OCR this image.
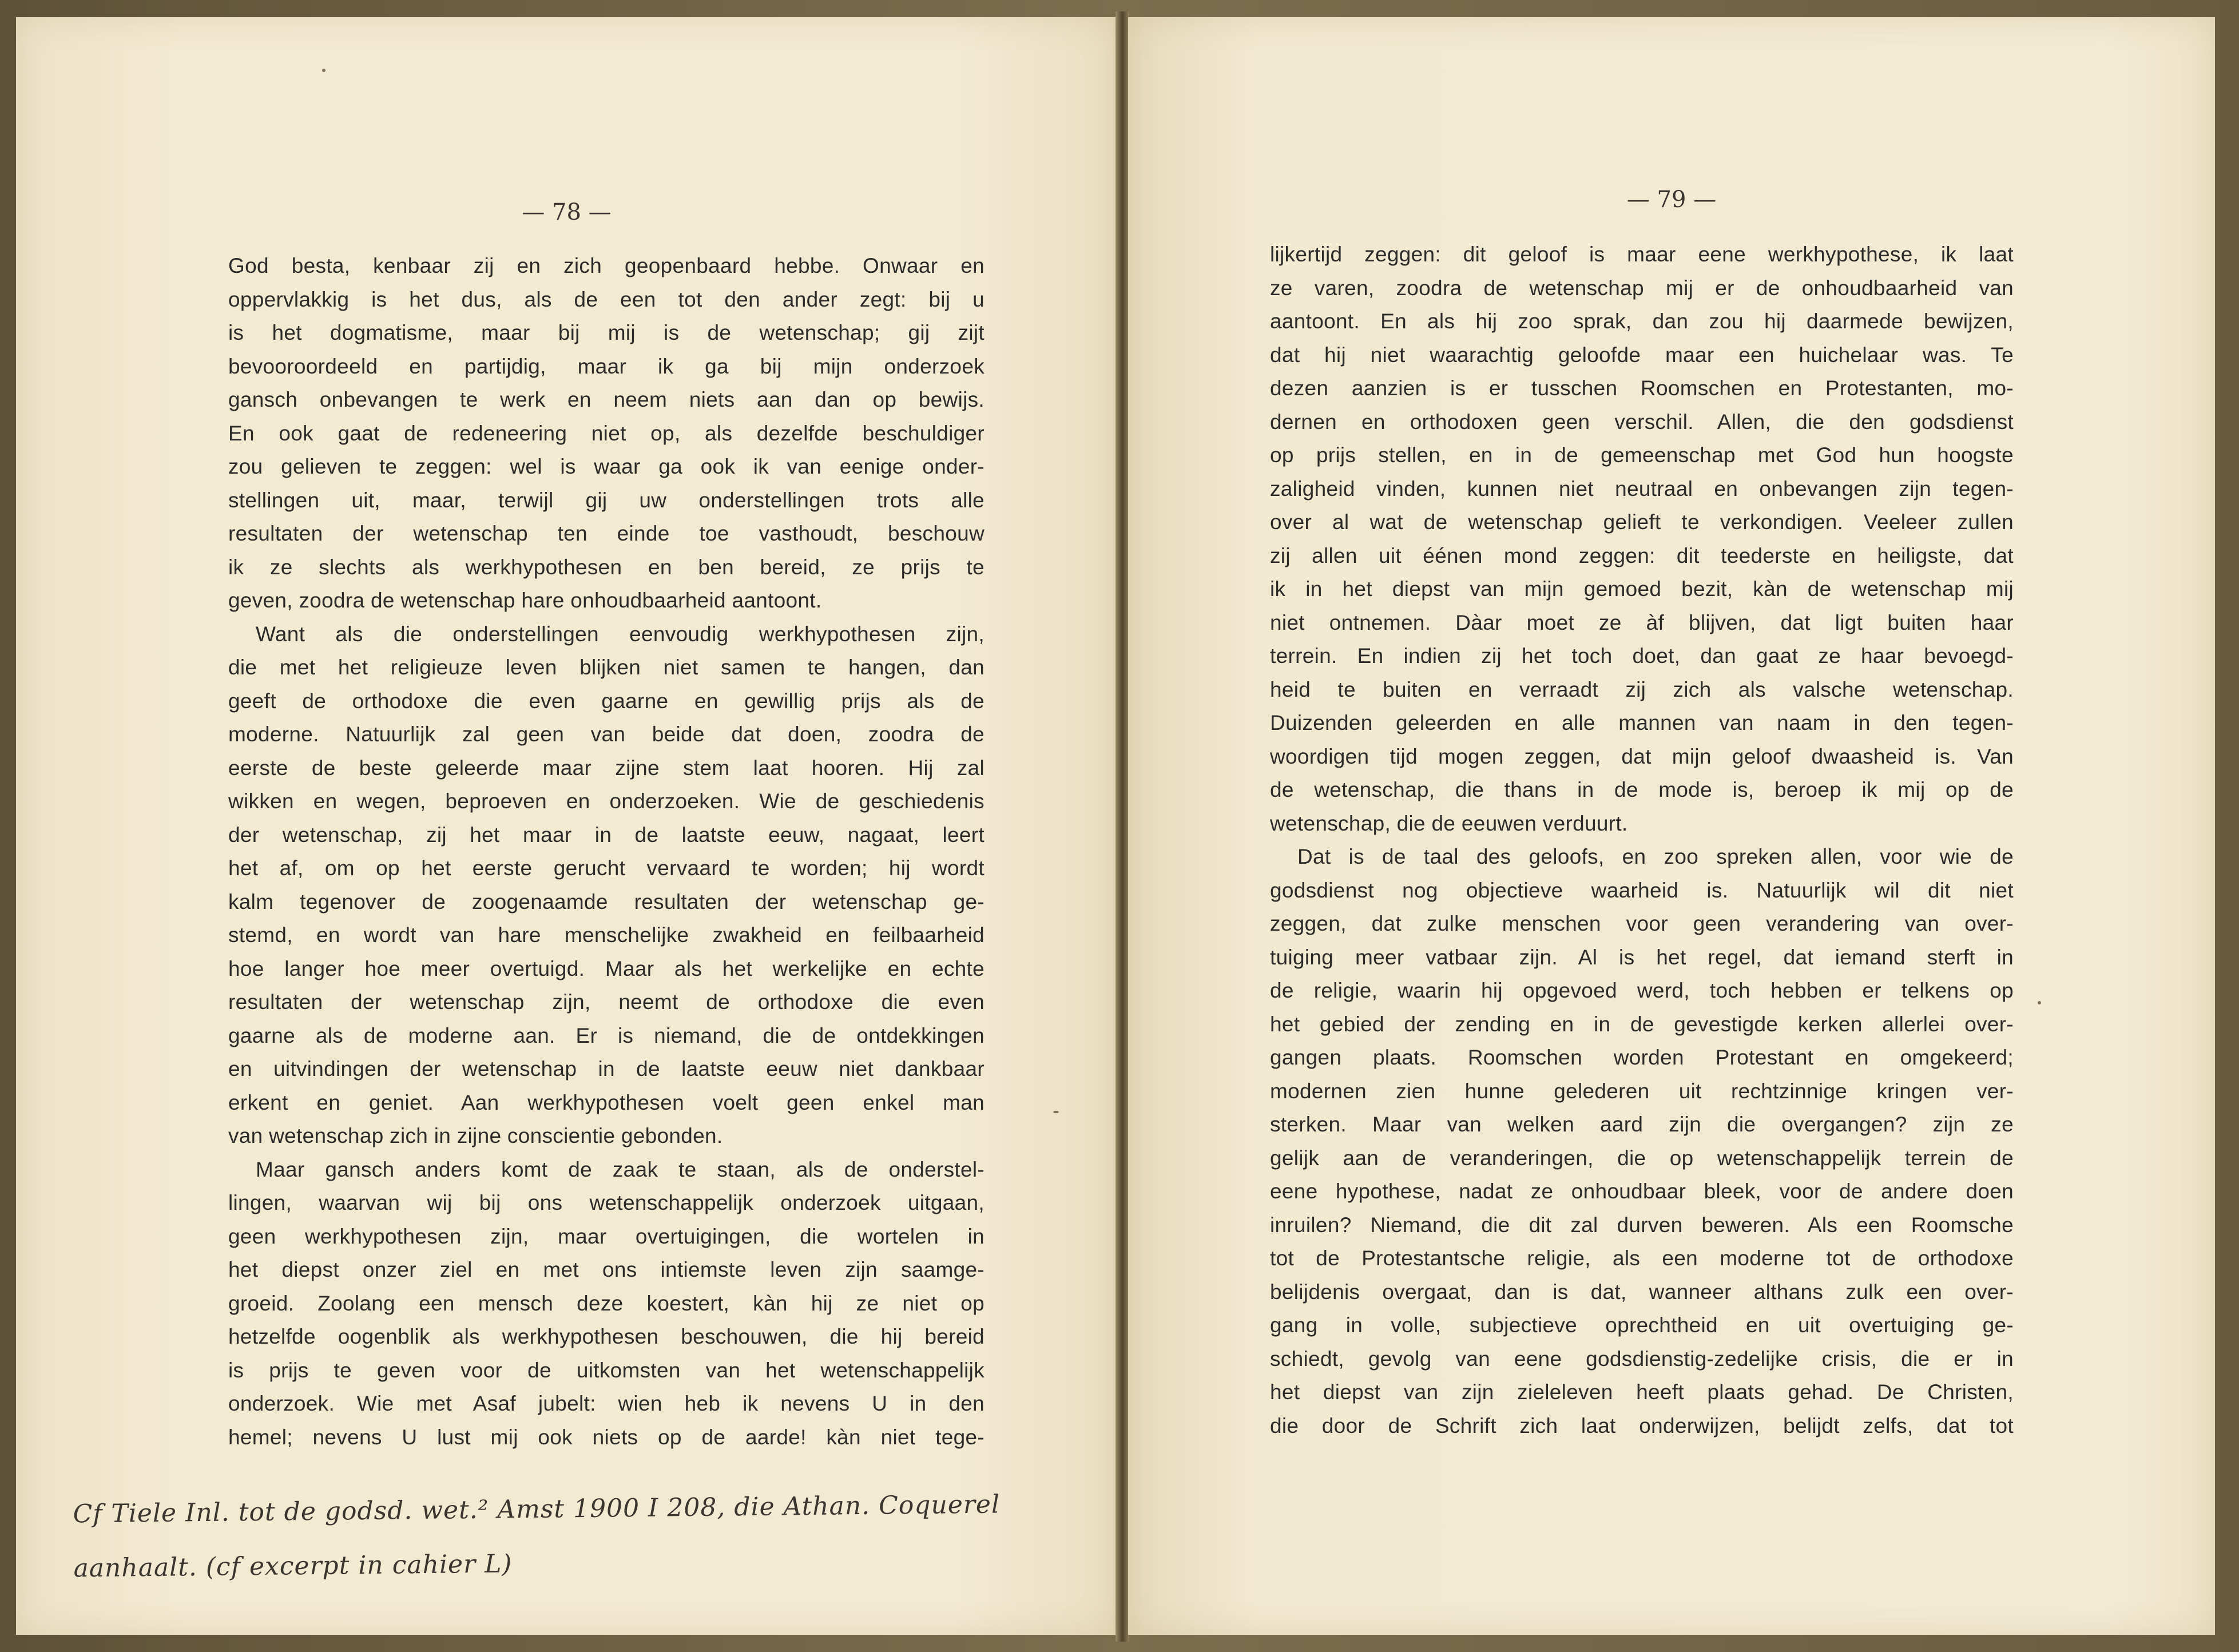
— 78 —
God besta, kenbaar zij en zich geopenbaard hebbe. Onwaar en
oppervlakkig is het dus, als de een tot den ander zegt: bij u
is het dogmatisme, maar bij mij is de wetenschap; gij zijt
bevooroordeeld en partijdig, maar ik ga bij mijn onderzoek
gansch onbevangen te werk en neem niets aan dan op bewijs.
En ook gaat de redeneering niet op, als dezelfde beschuldiger
zou gelieven te zeggen: wel is waar ga ook ik van eenige onder-
stellingen uit, maar, terwijl gij uw onderstellingen trots alle
resultaten der wetenschap ten einde toe vasthoudt, beschouw
ik ze slechts als werkhypothesen en ben bereid, ze prijs te
geven, zoodra de wetenschap hare onhoudbaarheid aantoont.
Want als die onderstellingen eenvoudig werkhypothesen zijn,
die met het religieuze leven blijken niet samen te hangen, dan
geeft de orthodoxe die even gaarne en gewillig prijs als de
moderne. Natuurlijk zal geen van beide dat doen, zoodra de
eerste de beste geleerde maar zijne stem laat hooren. Hij zal
wikken en wegen, beproeven en onderzoeken. Wie de geschiedenis
der wetenschap, zij het maar in de laatste eeuw, nagaat, leert
het af, om op het eerste gerucht vervaard te worden; hij wordt
kalm tegenover de zoogenaamde resultaten der wetenschap ge-
stemd, en wordt van hare menschelijke zwakheid en feilbaarheid
hoe langer hoe meer overtuigd. Maar als het werkelijke en echte
resultaten der wetenschap zijn, neemt de orthodoxe die even
gaarne als de moderne aan. Er is niemand, die de ontdekkingen
en uitvindingen der wetenschap in de laatste eeuw niet dankbaar
erkent en geniet. Aan werkhypothesen voelt geen enkel man
van wetenschap zich in zijne conscientie gebonden.
Maar gansch anders komt de zaak te staan, als de onderstel-
lingen, waarvan wij bij ons wetenschappelijk onderzoek uitgaan,
geen werkhypothesen zijn, maar overtuigingen, die wortelen in
het diepst onzer ziel en met ons intiemste leven zijn saamge-
groeid. Zoolang een mensch deze koestert, kàn hij ze niet op
hetzelfde oogenblik als werkhypothesen beschouwen, die hij bereid
is prijs te geven voor de uitkomsten van het wetenschappelijk
onderzoek. Wie met Asaf jubelt: wien heb ik nevens U in den
hemel; nevens U lust mij ook niets op de aarde! kàn niet tege-
Cf Tiele Inl. tot de godsd. wet.² Amst 1900 I 208, die Athan. Coquerel
aanhaalt. (cf excerpt in cahier L)
— 79 —
lijkertijd zeggen: dit geloof is maar eene werkhypothese, ik laat
ze varen, zoodra de wetenschap mij er de onhoudbaarheid van
aantoont. En als hij zoo sprak, dan zou hij daarmede bewijzen,
dat hij niet waarachtig geloofde maar een huichelaar was. Te
dezen aanzien is er tusschen Roomschen en Protestanten, mo-
dernen en orthodoxen geen verschil. Allen, die den godsdienst
op prijs stellen, en in de gemeenschap met God hun hoogste
zaligheid vinden, kunnen niet neutraal en onbevangen zijn tegen-
over al wat de wetenschap gelieft te verkondigen. Veeleer zullen
zij allen uit éénen mond zeggen: dit teederste en heiligste, dat
ik in het diepst van mijn gemoed bezit, kàn de wetenschap mij
niet ontnemen. Dàar moet ze àf blijven, dat ligt buiten haar
terrein. En indien zij het toch doet, dan gaat ze haar bevoegd-
heid te buiten en verraadt zij zich als valsche wetenschap.
Duizenden geleerden en alle mannen van naam in den tegen-
woordigen tijd mogen zeggen, dat mijn geloof dwaasheid is. Van
de wetenschap, die thans in de mode is, beroep ik mij op de
wetenschap, die de eeuwen verduurt.
Dat is de taal des geloofs, en zoo spreken allen, voor wie de
godsdienst nog objectieve waarheid is. Natuurlijk wil dit niet
zeggen, dat zulke menschen voor geen verandering van over-
tuiging meer vatbaar zijn. Al is het regel, dat iemand sterft in
de religie, waarin hij opgevoed werd, toch hebben er telkens op
het gebied der zending en in de gevestigde kerken allerlei over-
gangen plaats. Roomschen worden Protestant en omgekeerd;
modernen zien hunne gelederen uit rechtzinnige kringen ver-
sterken. Maar van welken aard zijn die overgangen? zijn ze
gelijk aan de veranderingen, die op wetenschappelijk terrein de
eene hypothese, nadat ze onhoudbaar bleek, voor de andere doen
inruilen? Niemand, die dit zal durven beweren. Als een Roomsche
tot de Protestantsche religie, als een moderne tot de orthodoxe
belijdenis overgaat, dan is dat, wanneer althans zulk een over-
gang in volle, subjectieve oprechtheid en uit overtuiging ge-
schiedt, gevolg van eene godsdienstig-zedelijke crisis, die er in
het diepst van zijn zieleleven heeft plaats gehad. De Christen,
die door de Schrift zich laat onderwijzen, belijdt zelfs, dat tot
